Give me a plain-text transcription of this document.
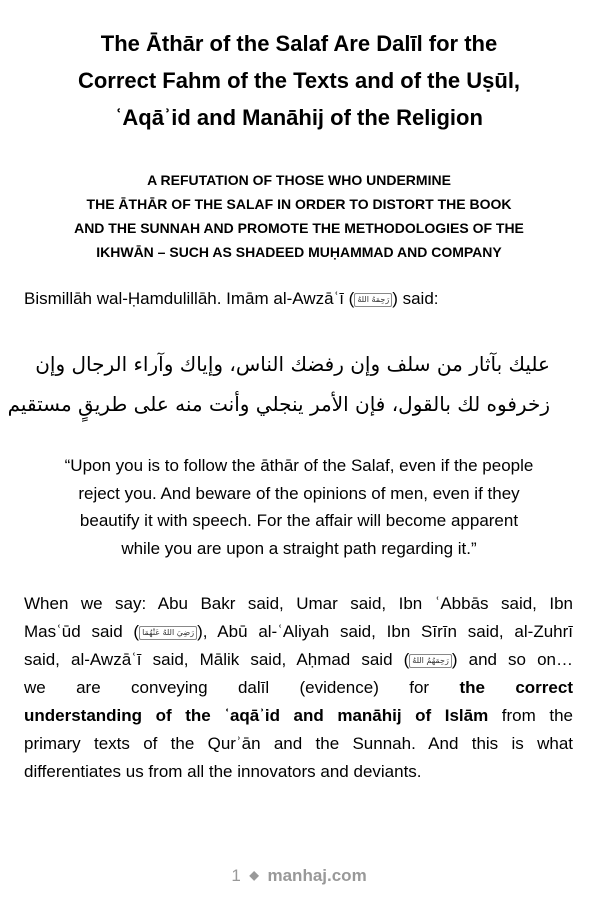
The Āthār of the Salaf Are Dalīl for the
Correct Fahm of the Texts and of the Uṣūl,
ʿAqāʾid and Manāhij of the Religion
A REFUTATION OF THOSE WHO UNDERMINE
THE ĀTHĀR OF THE SALAF IN ORDER TO DISTORT THE BOOK
AND THE SUNNAH AND PROMOTE THE METHODOLOGIES OF THE
IKHWĀN – SUCH AS SHADEED MUḤAMMAD AND COMPANY
Bismillāh wal-Ḥamdulillāh. Imām al-Awzāʿī ( رَحِمَهُ اللهُ ) said:
عليك بآثار من سلف وإن رفضك الناس، وإياك وآراء الرجال وإن
زخرفوه لك بالقول، فإن الأمر ينجلي وأنت منه على طريقٍ مستقيم
“Upon you is to follow the āthār of the Salaf, even if the people
reject you. And beware of the opinions of men, even if they
beautify it with speech. For the affair will become apparent
while you are upon a straight path regarding it.”
When we say: Abu Bakr said, Umar said, Ibn ʿAbbās said, Ibn
Masʿūd said ( رَضِيَ اللهُ عَنْهُمَا ), Abū al-ʿAliyah said, Ibn Sīrīn said, al-Zuhrī
said, al-Awzāʿī said, Mālik said, Aḥmad said ( رَحِمَهُمُ اللهُ ) and so on…
we are conveying dalīl (evidence) for the correct
understanding of the ʿaqāʾid and manāhij of Islām from the
primary texts of the Qurʾān and the Sunnah. And this is what
differentiates us from all the innovators and deviants.
1 ◆ manhaj.com
